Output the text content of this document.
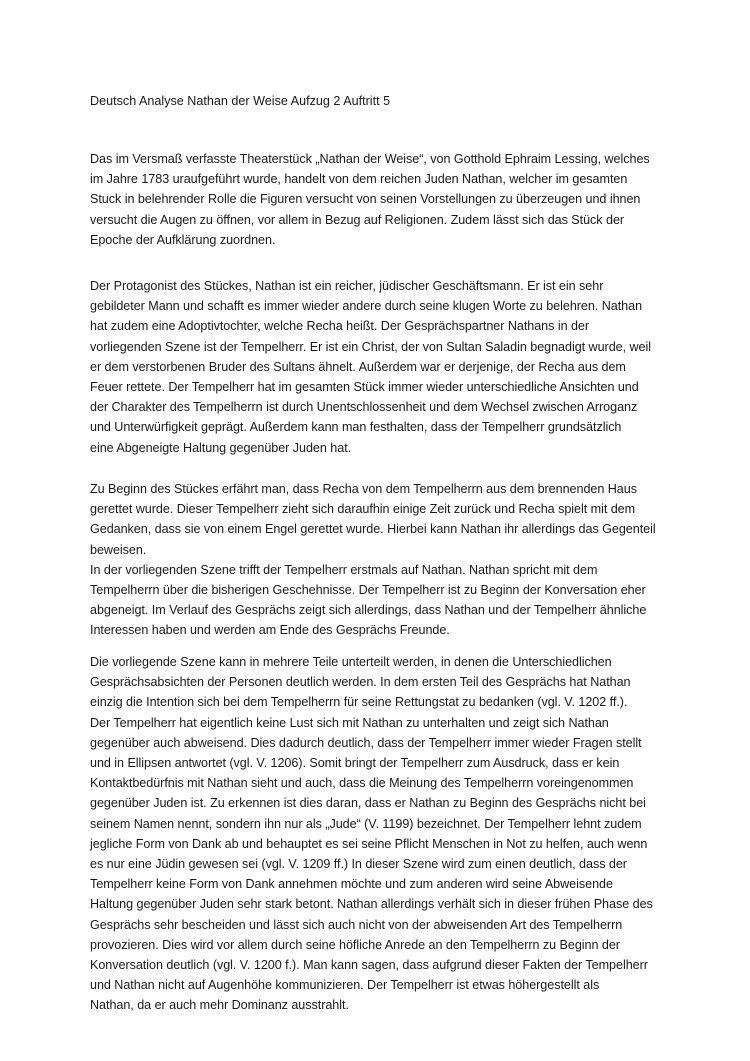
Deutsch Analyse Nathan der Weise Aufzug 2 Auftritt 5
Das im Versmaß verfasste Theaterstück „Nathan der Weise“, von Gotthold Ephraim Lessing, welches
im Jahre 1783 uraufgeführt wurde, handelt von dem reichen Juden Nathan, welcher im gesamten
Stuck in belehrender Rolle die Figuren versucht von seinen Vorstellungen zu überzeugen und ihnen
versucht die Augen zu öffnen, vor allem in Bezug auf Religionen. Zudem lässt sich das Stück der
Epoche der Aufklärung zuordnen.
Der Protagonist des Stückes, Nathan ist ein reicher, jüdischer Geschäftsmann. Er ist ein sehr
gebildeter Mann und schafft es immer wieder andere durch seine klugen Worte zu belehren. Nathan
hat zudem eine Adoptivtochter, welche Recha heißt. Der Gesprächspartner Nathans in der
vorliegenden Szene ist der Tempelherr. Er ist ein Christ, der von Sultan Saladin begnadigt wurde, weil
er dem verstorbenen Bruder des Sultans ähnelt. Außerdem war er derjenige, der Recha aus dem
Feuer rettete. Der Tempelherr hat im gesamten Stück immer wieder unterschiedliche Ansichten und
der Charakter des Tempelherrn ist durch Unentschlossenheit und dem Wechsel zwischen Arroganz
und Unterwürfigkeit geprägt. Außerdem kann man festhalten, dass der Tempelherr grundsätzlich
eine Abgeneigte Haltung gegenüber Juden hat.
Zu Beginn des Stückes erfährt man, dass Recha von dem Tempelherrn aus dem brennenden Haus
gerettet wurde. Dieser Tempelherr zieht sich daraufhin einige Zeit zurück und Recha spielt mit dem
Gedanken, dass sie von einem Engel gerettet wurde. Hierbei kann Nathan ihr allerdings das Gegenteil
beweisen.
In der vorliegenden Szene trifft der Tempelherr erstmals auf Nathan. Nathan spricht mit dem
Tempelherrn über die bisherigen Geschehnisse. Der Tempelherr ist zu Beginn der Konversation eher
abgeneigt. Im Verlauf des Gesprächs zeigt sich allerdings, dass Nathan und der Tempelherr ähnliche
Interessen haben und werden am Ende des Gesprächs Freunde.
Die vorliegende Szene kann in mehrere Teile unterteilt werden, in denen die Unterschiedlichen
Gesprächsabsichten der Personen deutlich werden. In dem ersten Teil des Gesprächs hat Nathan
einzig die Intention sich bei dem Tempelherrn für seine Rettungstat zu bedanken (vgl. V. 1202 ff.).
Der Tempelherr hat eigentlich keine Lust sich mit Nathan zu unterhalten und zeigt sich Nathan
gegenüber auch abweisend. Dies dadurch deutlich, dass der Tempelherr immer wieder Fragen stellt
und in Ellipsen antwortet (vgl. V. 1206). Somit bringt der Tempelherr zum Ausdruck, dass er kein
Kontaktbedürfnis mit Nathan sieht und auch, dass die Meinung des Tempelherrn voreingenommen
gegenüber Juden ist. Zu erkennen ist dies daran, dass er Nathan zu Beginn des Gesprächs nicht bei
seinem Namen nennt, sondern ihn nur als „Jude“ (V. 1199) bezeichnet. Der Tempelherr lehnt zudem
jegliche Form von Dank ab und behauptet es sei seine Pflicht Menschen in Not zu helfen, auch wenn
es nur eine Jüdin gewesen sei (vgl. V. 1209 ff.) In dieser Szene wird zum einen deutlich, dass der
Tempelherr keine Form von Dank annehmen möchte und zum anderen wird seine Abweisende
Haltung gegenüber Juden sehr stark betont. Nathan allerdings verhält sich in dieser frühen Phase des
Gesprächs sehr bescheiden und lässt sich auch nicht von der abweisenden Art des Tempelherrn
provozieren. Dies wird vor allem durch seine höfliche Anrede an den Tempelherrn zu Beginn der
Konversation deutlich (vgl. V. 1200 f.). Man kann sagen, dass aufgrund dieser Fakten der Tempelherr
und Nathan nicht auf Augenhöhe kommunizieren. Der Tempelherr ist etwas höhergestellt als
Nathan, da er auch mehr Dominanz ausstrahlt.
